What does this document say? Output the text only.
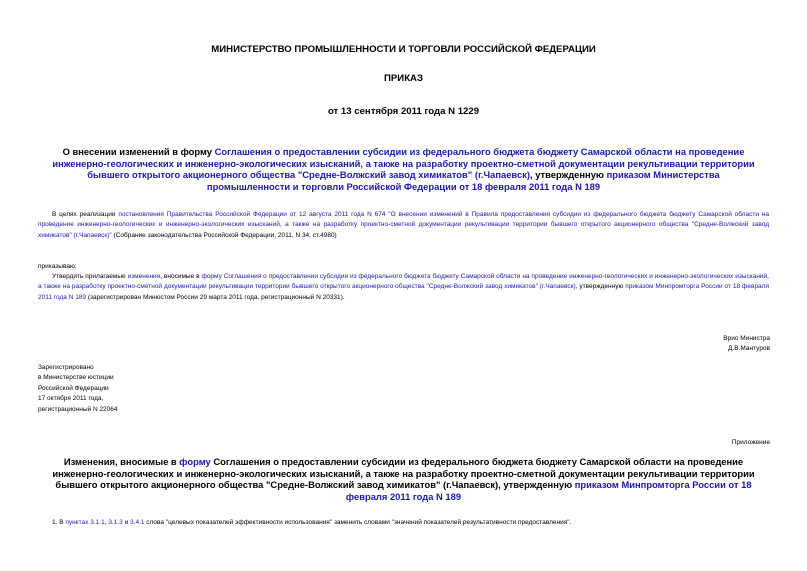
МИНИСТЕРСТВО ПРОМЫШЛЕННОСТИ И ТОРГОВЛИ РОССИЙСКОЙ ФЕДЕРАЦИИ
ПРИКАЗ
от 13 сентября 2011 года N 1229
О внесении изменений в форму Соглашения о предоставлении субсидии из федерального бюджета бюджету Самарской области на проведение инженерно-геологических и инженерно-экологических изысканий, а также на разработку проектно-сметной документации рекультивации территории бывшего открытого акционерного общества "Средне-Волжский завод химикатов" (г.Чапаевск), утвержденную приказом Министерства промышленности и торговли Российской Федерации от 18 февраля 2011 года N 189
В целях реализации постановления Правительства Российской Федерации от 12 августа 2011 года N 674 "О внесении изменений в Правила предоставления субсидии из федерального бюджета бюджету Самарской области на проведение инженерно-геологических и инженерно-экологических изысканий, а также на разработку проектно-сметной документации рекультивации территории бывшего открытого акционерного общества "Средне-Волжский завод химикатов" (г.Чапаевск)" (Собрание законодательства Российской Федерации, 2011, N 34, ст.4980)
приказываю:
Утвердить прилагаемые изменения, вносимые в форму Соглашения о предоставлении субсидии из федерального бюджета бюджету Самарской области на проведение инженерно-геологических и инженерно-экологических изысканий, а также на разработку проектно-сметной документации рекультивации территории бывшего открытого акционерного общества "Средне-Волжский завод химикатов" (г.Чапаевск), утвержденную приказом Минпромторга России от 18 февраля 2011 года N 189 (зарегистрирован Минюстом России 29 марта 2011 года, регистрационный N 20331).
Врио Министра
Д.В.Мантуров
Зарегистрировано
в Министерстве юстиции
Российской Федерации
17 октября 2011 года,
регистрационный N 22064
Приложение
Изменения, вносимые в форму Соглашения о предоставлении субсидии из федерального бюджета бюджету Самарской области на проведение инженерно-геологических и инженерно-экологических изысканий, а также на разработку проектно-сметной документации рекультивации территории бывшего открытого акционерного общества "Средне-Волжский завод химикатов" (г.Чапаевск), утвержденную приказом Минпромторга России от 18 февраля 2011 года N 189
1. В пунктах 3.1.1, 3.1.3 и 3.4.1 слова "целевых показателей эффективности использования" заменить словами "значений показателей результативности предоставления".
